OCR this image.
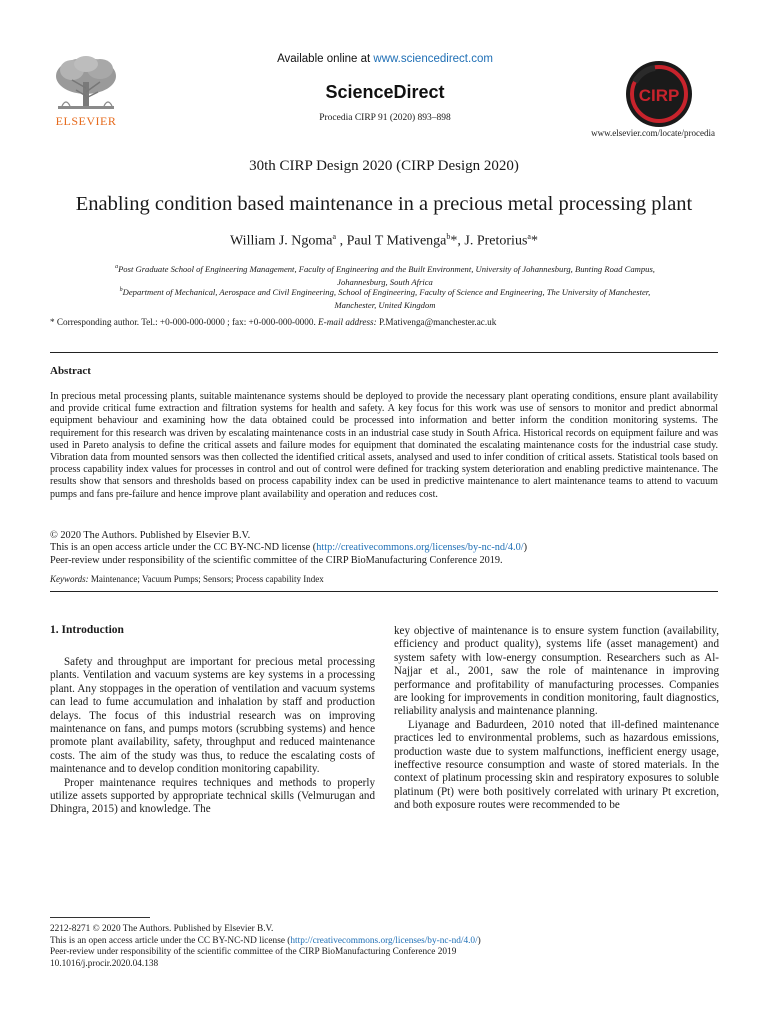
ELSEVIER
Available online at www.sciencedirect.com
ScienceDirect
Procedia CIRP 91 (2020) 893–898
CIRP
www.elsevier.com/locate/procedia
30th CIRP Design 2020 (CIRP Design 2020)
Enabling condition based maintenance in a precious metal processing plant
William J. Ngoma$^a$ , Paul T Mativenga$^b$*, J. Pretorius$^a$*
$^a$Post Graduate School of Engineering Management, Faculty of Engineering and the Built Environment, University of Johannesburg, Bunting Road Campus,
Johannesburg, South Africa
$^b$Department of Mechanical, Aerospace and Civil Engineering, School of Engineering, Faculty of Science and Engineering, The University of Manchester,
Manchester, United Kingdom
* Corresponding author. Tel.: +0-000-000-0000 ; fax: +0-000-000-0000. E-mail address: P.Mativenga@manchester.ac.uk
Abstract
In precious metal processing plants, suitable maintenance systems should be deployed to provide the necessary plant operating conditions, ensure plant availability and provide critical fume extraction and filtration systems for health and safety. A key focus for this work was use of sensors to monitor and predict abnormal equipment behaviour and examining how the data obtained could be processed into information and better inform the condition monitoring systems. The requirement for this research was driven by escalating maintenance costs in an industrial case study in South Africa. Historical records on equipment failure and was used in Pareto analysis to define the critical assets and failure modes for equipment that dominated the escalating maintenance costs for the industrial case study. Vibration data from mounted sensors was then collected the identified critical assets, analysed and used to infer condition of critical assets. Statistical tools based on process capability index values for processes in control and out of control were defined for tracking system deterioration and enabling predictive maintenance. The results show that sensors and thresholds based on process capability index can be used in predictive maintenance to alert maintenance teams to attend to vacuum pumps and fans pre-failure and hence improve plant availability and operation and reduces cost.
© 2020 The Authors. Published by Elsevier B.V.
This is an open access article under the CC BY-NC-ND license (http://creativecommons.org/licenses/by-nc-nd/4.0/)
Peer-review under responsibility of the scientific committee of the CIRP BioManufacturing Conference 2019.
Keywords: Maintenance; Vacuum Pumps; Sensors; Process capability Index
1. Introduction

Safety and throughput are important for precious metal processing plants. Ventilation and vacuum systems are key systems in a processing plant. Any stoppages in the operation of ventilation and vacuum systems can lead to fume accumulation and inhalation by staff and production delays. The focus of this industrial research was on improving maintenance on fans, and pumps motors (scrubbing systems) and hence promote plant availability, safety, throughput and reduced maintenance costs. The aim of the study was thus, to reduce the escalating costs of maintenance and to develop condition monitoring capability.

Proper maintenance requires techniques and methods to properly utilize assets supported by appropriate technical skills (Velmurugan and Dhingra, 2015) and knowledge. The

key objective of maintenance is to ensure system function (availability, efficiency and product quality), systems life (asset management) and system safety with low-energy consumption. Researchers such as Al-Najjar et al., 2001, saw the role of maintenance in improving performance and profitability of manufacturing processes. Companies are looking for improvements in condition monitoring, fault diagnostics, reliability analysis and maintenance planning.

Liyanage and Badurdeen, 2010 noted that ill-defined maintenance practices led to environmental problems, such as hazardous emissions, production waste due to system malfunctions, inefficient energy usage, ineffective resource consumption and waste of stored materials. In the context of platinum processing skin and respiratory exposures to soluble platinum (Pt) were both positively correlated with urinary Pt excretion, and both exposure routes were recommended to be

2212-8271 © 2020 The Authors. Published by Elsevier B.V.
This is an open access article under the CC BY-NC-ND license (http://creativecommons.org/licenses/by-nc-nd/4.0/)
Peer-review under responsibility of the scientific committee of the CIRP BioManufacturing Conference 2019
10.1016/j.procir.2020.04.138
